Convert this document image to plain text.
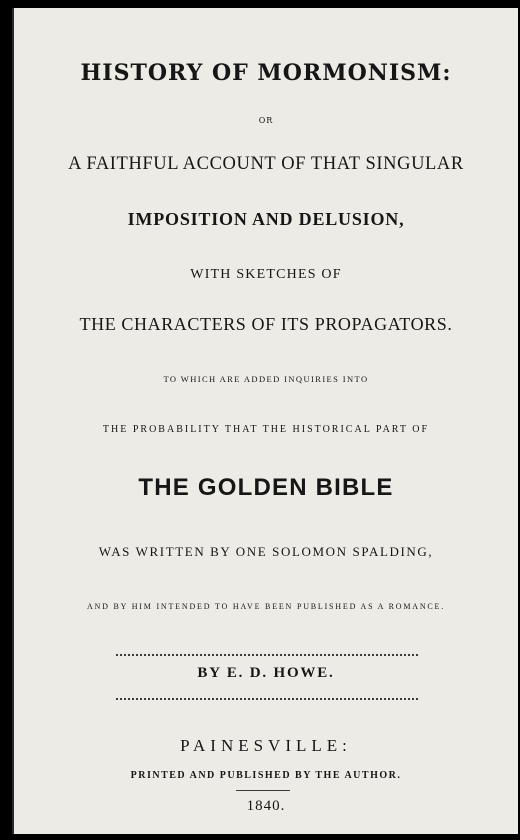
HISTORY OF MORMONISM:
OR
A FAITHFUL ACCOUNT OF THAT SINGULAR
IMPOSITION AND DELUSION,
WITH SKETCHES OF
THE CHARACTERS OF ITS PROPAGATORS.
TO WHICH ARE ADDED INQUIRIES INTO
THE PROBABILITY THAT THE HISTORICAL PART OF
THE GOLDEN BIBLE
WAS WRITTEN BY ONE SOLOMON SPALDING,
AND BY HIM INTENDED TO HAVE BEEN PUBLISHED AS A ROMANCE.
BY E. D. HOWE.
PAINESVILLE:
PRINTED AND PUBLISHED BY THE AUTHOR.
1840.
